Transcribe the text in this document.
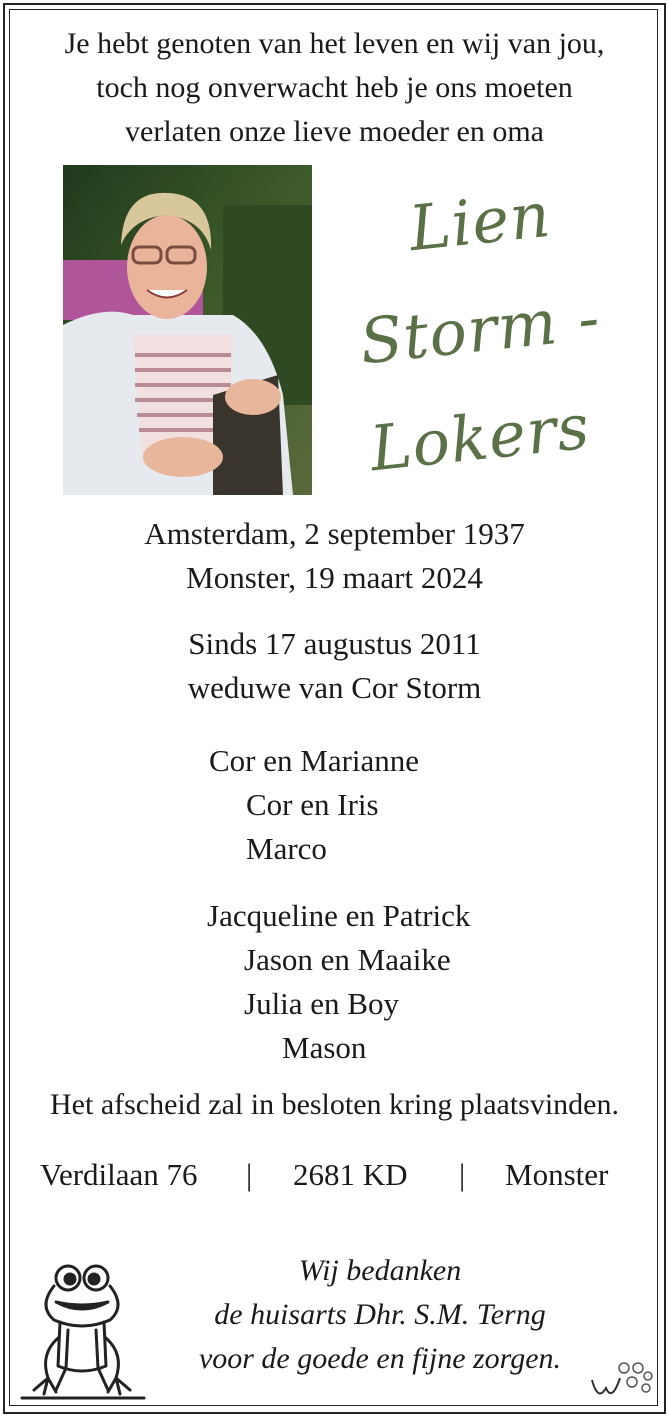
Je hebt genoten van het leven en wij van jou,
toch nog onverwacht heb je ons moeten
verlaten onze lieve moeder en oma
Lien
Storm -
Lokers
Amsterdam, 2 september 1937
Monster, 19 maart 2024
Sinds 17 augustus 2011
weduwe van Cor Storm
Cor en Marianne
Cor en Iris
Marco
Jacqueline en Patrick
Jason en Maaike
Julia en Boy
Mason
Het afscheid zal in besloten kring plaatsvinden.
Verdilaan 76 | 2681 KD | Monster
Wij bedanken
de huisarts Dhr. S.M. Terng
voor de goede en fijne zorgen.
